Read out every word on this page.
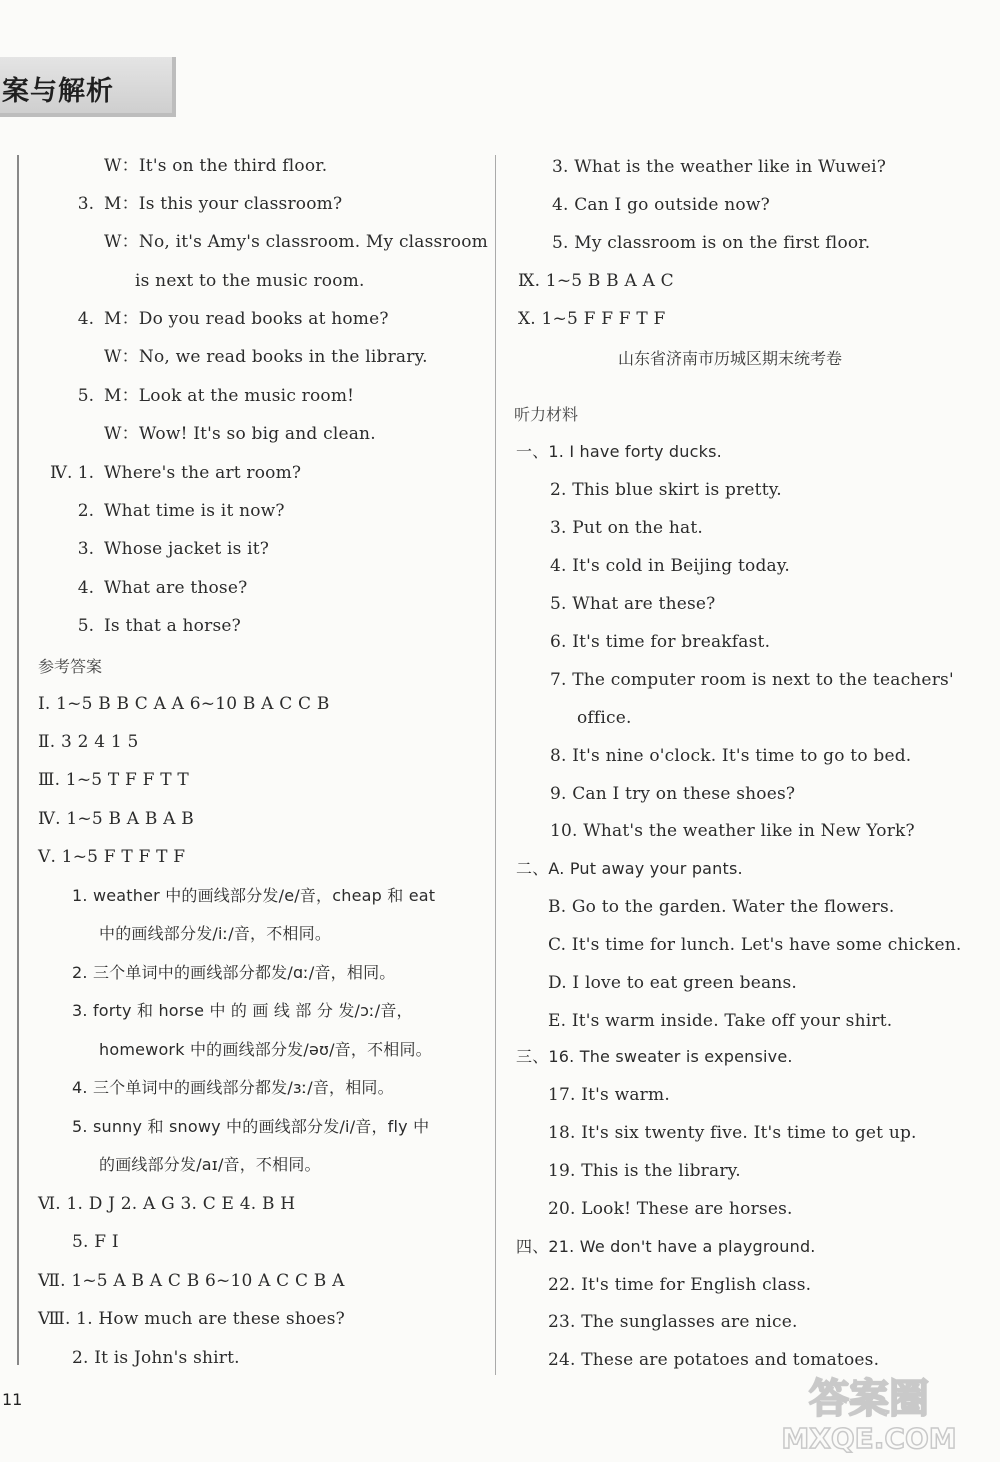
案与解析
W：It's on the third floor.
3. M：Is this your classroom?
W：No, it's Amy's classroom. My classroom
is next to the music room.
4. M：Do you read books at home?
W：No, we read books in the library.
5. M：Look at the music room!
W：Wow! It's so big and clean.
Ⅳ. 1. Where's the art room?
2. What time is it now?
3. Whose jacket is it?
4. What are those?
5. Is that a horse?
参考答案
Ⅰ. 1~5 B B C A A 6~10 B A C C B
Ⅱ. 3 2 4 1 5
Ⅲ. 1~5 T F F T T
Ⅳ. 1~5 B A B A B
Ⅴ. 1~5 F T F T F
1. weather 中的画线部分发/e/音，cheap 和 eat
中的画线部分发/iː/音，不相同。
2. 三个单词中的画线部分都发/ɑː/音，相同。
3. forty 和 horse 中 的 画 线 部 分 发/ɔː/音，
homework 中的画线部分发/əʊ/音，不相同。
4. 三个单词中的画线部分都发/ɜː/音，相同。
5. sunny 和 snowy 中的画线部分发/i/音，fly 中
的画线部分发/aɪ/音，不相同。
Ⅵ. 1. D J 2. A G 3. C E 4. B H
5. F I
Ⅶ. 1~5 A B A C B 6~10 A C C B A
Ⅷ. 1. How much are these shoes?
2. It is John's shirt.
3. What is the weather like in Wuwei?
4. Can I go outside now?
5. My classroom is on the first floor.
Ⅸ. 1~5 B B A A C
Ⅹ. 1~5 F F F T F
山东省济南市历城区期末统考卷
听力材料
一、1. I have forty ducks.
2. This blue skirt is pretty.
3. Put on the hat.
4. It's cold in Beijing today.
5. What are these?
6. It's time for breakfast.
7. The computer room is next to the teachers'
office.
8. It's nine o'clock. It's time to go to bed.
9. Can I try on these shoes?
10. What's the weather like in New York?
二、A. Put away your pants.
B. Go to the garden. Water the flowers.
C. It's time for lunch. Let's have some chicken.
D. I love to eat green beans.
E. It's warm inside. Take off your shirt.
三、16. The sweater is expensive.
17. It's warm.
18. It's six twenty five. It's time to get up.
19. This is the library.
20. Look! These are horses.
四、21. We don't have a playground.
22. It's time for English class.
23. The sunglasses are nice.
24. These are potatoes and tomatoes.
11	答案圈
MXQE.COM
